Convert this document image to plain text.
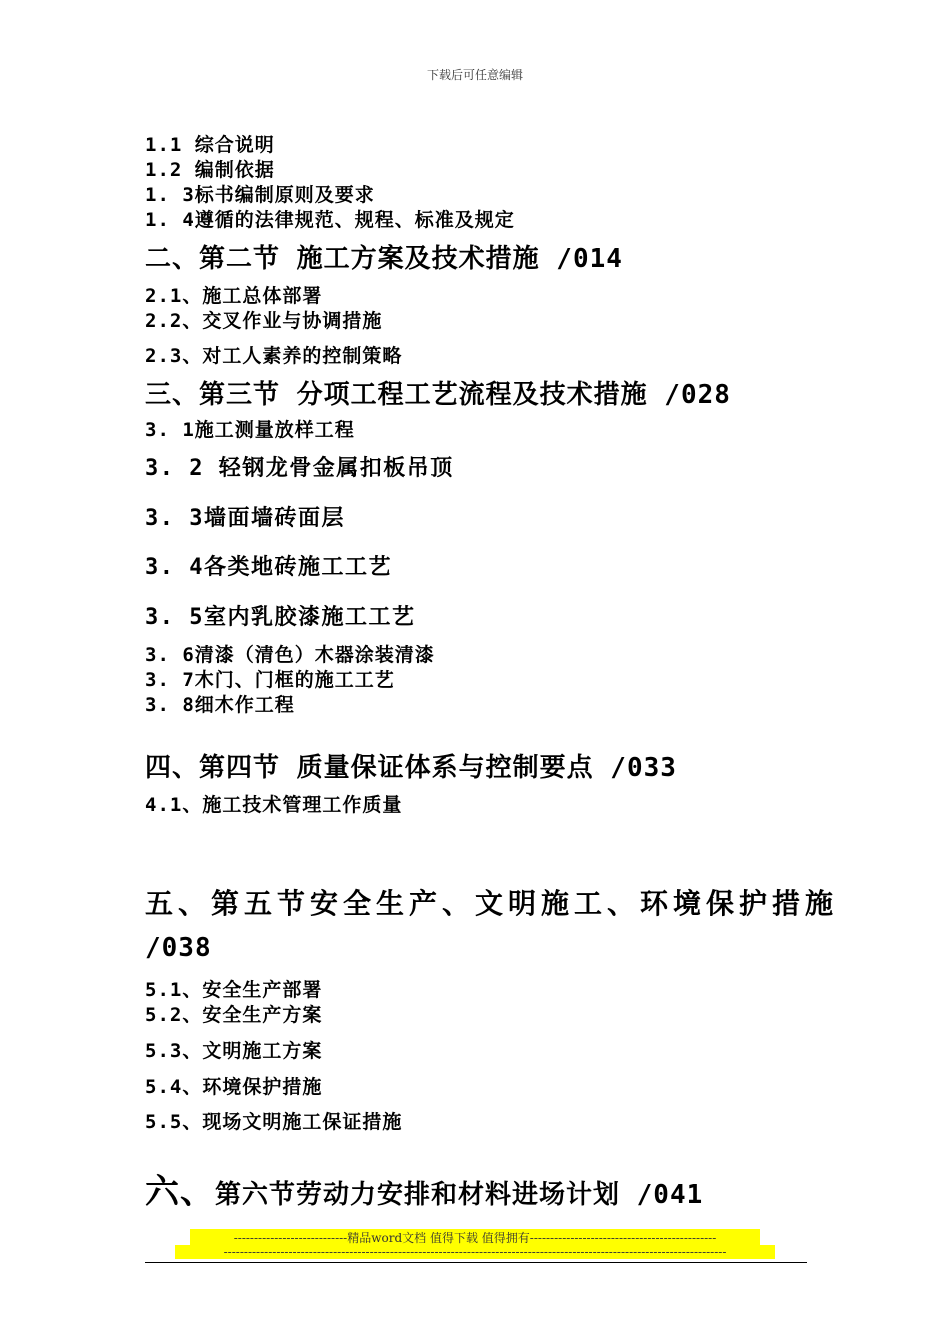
下载后可任意编辑
1.1 综合说明
1.2 编制依据
1. 3标书编制原则及要求
1. 4遵循的法律规范、规程、标准及规定
二、第二节 施工方案及技术措施 /014
2.1、施工总体部署
2.2、交叉作业与协调措施
2.3、对工人素养的控制策略
三、第三节 分项工程工艺流程及技术措施 /028
3. 1施工测量放样工程
3. 2 轻钢龙骨金属扣板吊顶
3. 3墙面墙砖面层
3. 4各类地砖施工工艺
3. 5室内乳胶漆施工工艺
3. 6清漆（清色）木器涂装清漆
3. 7木门、门框的施工工艺
3. 8细木作工程
四、第四节 质量保证体系与控制要点 /033
4.1、施工技术管理工作质量
五、第五节安全生产、文明施工、环境保护措施
/038
5.1、安全生产部署
5.2、安全生产方案
5.3、文明施工方案
5.4、环境保护措施
5.5、现场文明施工保证措施
六、第六节劳动力安排和材料进场计划 /041
----------------------------精品word文档 值得下载 值得拥有----------------------------------------------
----------------------------------------------------------------------------------------------------------------------------
